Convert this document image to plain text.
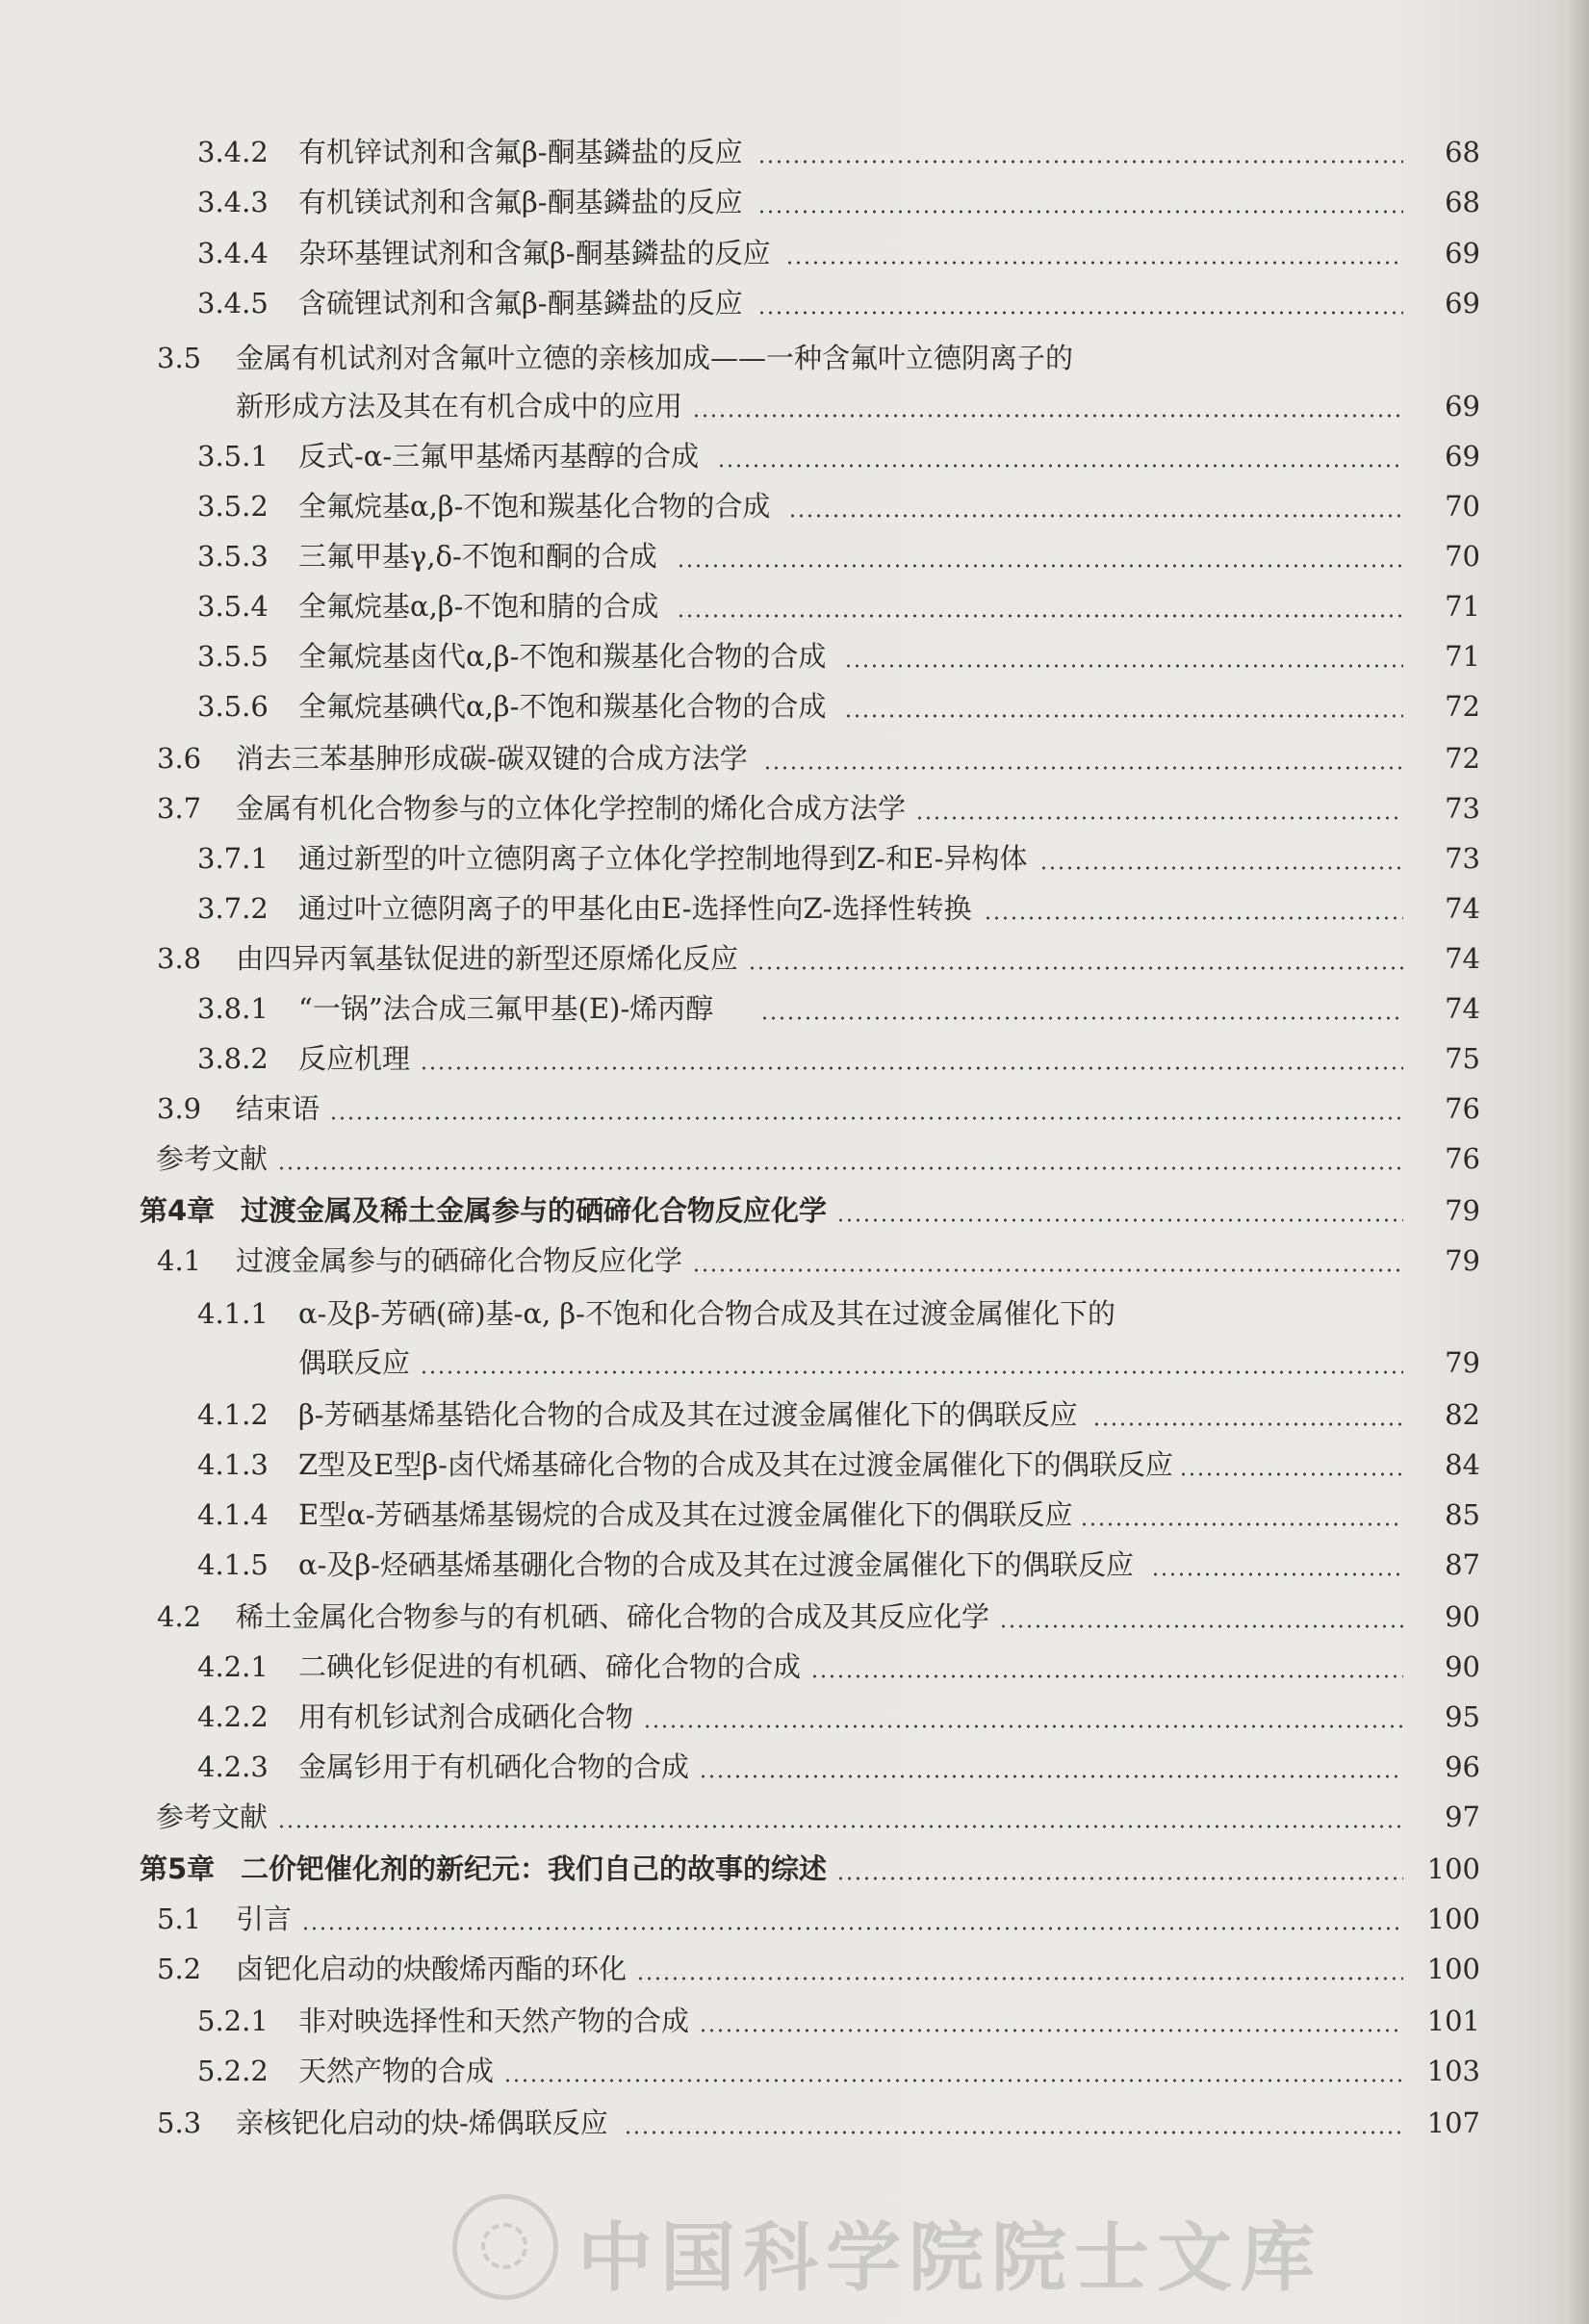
3.4.2 有机锌试剂和含氟β-酮基鏻盐的反应	68
3.4.3 有机镁试剂和含氟β-酮基鏻盐的反应	68
3.4.4 杂环基锂试剂和含氟β-酮基鏻盐的反应	69
3.4.5 含硫锂试剂和含氟β-酮基鏻盐的反应	69
3.5 金属有机试剂对含氟叶立德的亲核加成——一种含氟叶立德阴离子的
新形成方法及其在有机合成中的应用	69
3.5.1 反式-α-三氟甲基烯丙基醇的合成	69
3.5.2 全氟烷基α,β-不饱和羰基化合物的合成	70
3.5.3 三氟甲基γ,δ-不饱和酮的合成	70
3.5.4 全氟烷基α,β-不饱和腈的合成	71
3.5.5 全氟烷基卤代α,β-不饱和羰基化合物的合成	71
3.5.6 全氟烷基碘代α,β-不饱和羰基化合物的合成	72
3.6 消去三苯基胂形成碳-碳双键的合成方法学	72
3.7 金属有机化合物参与的立体化学控制的烯化合成方法学	73
3.7.1 通过新型的叶立德阴离子立体化学控制地得到Z-和E-异构体	73
3.7.2 通过叶立德阴离子的甲基化由E-选择性向Z-选择性转换	74
3.8 由四异丙氧基钛促进的新型还原烯化反应	74
3.8.1 “一锅”法合成三氟甲基(E)-烯丙醇	74
3.8.2 反应机理	75
3.9 结束语	76
参考文献	76
第4章 过渡金属及稀土金属参与的硒碲化合物反应化学	79
4.1 过渡金属参与的硒碲化合物反应化学	79
4.1.1 α-及β-芳硒(碲)基-α, β-不饱和化合物合成及其在过渡金属催化下的
偶联反应	79
4.1.2 β-芳硒基烯基锆化合物的合成及其在过渡金属催化下的偶联反应	82
4.1.3 Z型及E型β-卤代烯基碲化合物的合成及其在过渡金属催化下的偶联反应	84
4.1.4 E型α-芳硒基烯基锡烷的合成及其在过渡金属催化下的偶联反应	85
4.1.5 α-及β-烃硒基烯基硼化合物的合成及其在过渡金属催化下的偶联反应	87
4.2 稀土金属化合物参与的有机硒、碲化合物的合成及其反应化学	90
4.2.1 二碘化钐促进的有机硒、碲化合物的合成	90
4.2.2 用有机钐试剂合成硒化合物	95
4.2.3 金属钐用于有机硒化合物的合成	96
参考文献	97
第5章 二价钯催化剂的新纪元：我们自己的故事的综述	100
5.1 引言	100
5.2 卤钯化启动的炔酸烯丙酯的环化	100
5.2.1 非对映选择性和天然产物的合成	101
5.2.2 天然产物的合成	103
5.3 亲核钯化启动的炔-烯偶联反应	107
中国科学院院士文库
